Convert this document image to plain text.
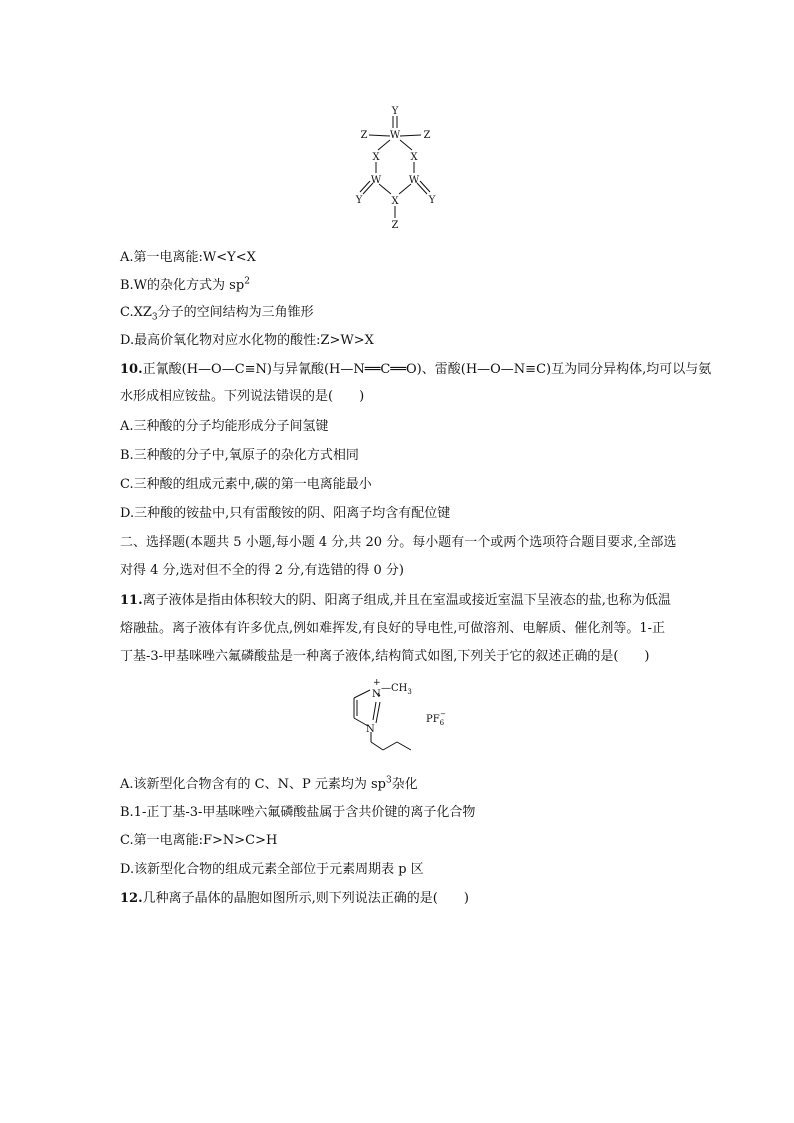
Y
W
Z	Z
X	X
W	W
Y	Y
X
Z

A.第一电离能:W<Y<X

B.W的杂化方式为 $sp^2$

$C.XZ_3$分子的空间结构为三角锥形

D.最高价氧化物对应水化物的酸性:Z>W>X

10.正氰酸(H—O—C≡N)与异氰酸(H—N══C══O)、雷酸(H—O—N≡C)互为同分异构体,均可以与氨

水形成相应铵盐。下列说法错误的是(　　)

A.三种酸的分子均能形成分子间氢键

B.三种酸的分子中,氧原子的杂化方式相同

C.三种酸的组成元素中,碳的第一电离能最小

D.三种酸的铵盐中,只有雷酸铵的阴、阳离子均含有配位键

二、选择题(本题共 5 小题,每小题 4 分,共 20 分。每小题有一个或两个选项符合题目要求,全部选

对得 4 分,选对但不全的得 2 分,有选错的得 0 分)

11.离子液体是指由体积较大的阴、阳离子组成,并且在室温或接近室温下呈液态的盐,也称为低温

熔融盐。离子液体有许多优点,例如难挥发,有良好的导电性,可做溶剂、电解质、催化剂等。1-正

丁基-3-甲基咪唑六氟磷酸盐是一种离子液体,结构简式如图,下列关于它的叙述正确的是(　　)

N
+ $—CH_3$
N
$PF_6-$

A.该新型化合物含有的 C、N、P 元素均为 $sp^3$杂化

B.1-正丁基-3-甲基咪唑六氟磷酸盐属于含共价键的离子化合物

C.第一电离能:F>N>C>H

D.该新型化合物的组成元素全部位于元素周期表 p 区

12.几种离子晶体的晶胞如图所示,则下列说法正确的是(　　)
